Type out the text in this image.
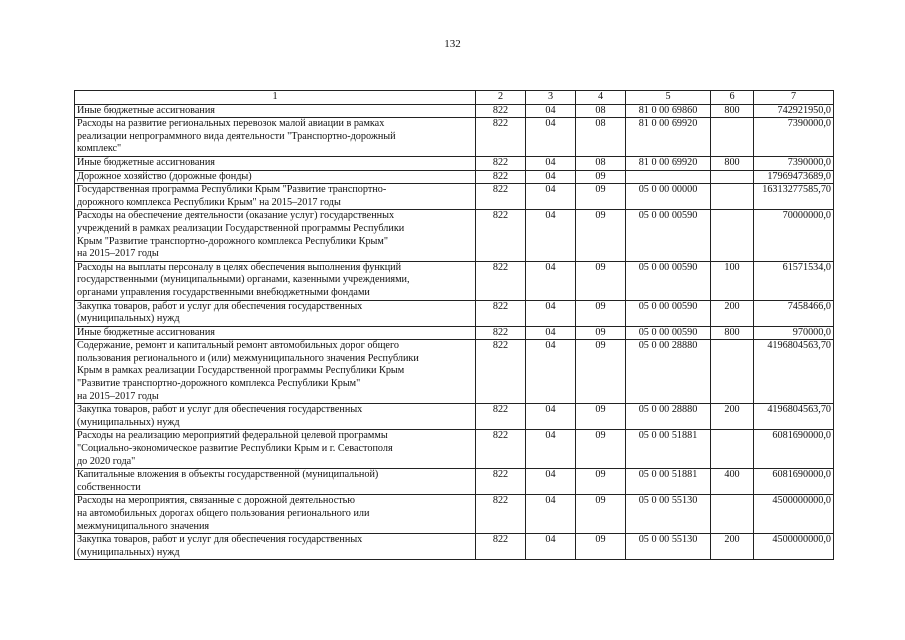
132
1	2	3	4	5	6	7

Иные бюджетные ассигнования	822	04	08	81 0 00 69860	800	742921950,0

Расходы на развитие региональных перевозок малой авиации в рамках
реализации непрограммного вида деятельности "Транспортно-дорожный
комплекс"	822	04	08	81 0 00 69920		7390000,0

Иные бюджетные ассигнования	822	04	08	81 0 00 69920	800	7390000,0

Дорожное хозяйство (дорожные фонды)	822	04	09			17969473689,0

Государственная программа Республики Крым "Развитие транспортно-
дорожного комплекса Республики Крым" на 2015–2017 годы	822	04	09	05 0 00 00000		16313277585,70

Расходы на обеспечение деятельности (оказание услуг) государственных
учреждений в рамках реализации Государственной программы Республики
Крым "Развитие транспортно-дорожного комплекса Республики Крым"
на 2015–2017 годы	822	04	09	05 0 00 00590		70000000,0

Расходы на выплаты персоналу в целях обеспечения выполнения функций
государственными (муниципальными) органами, казенными учреждениями,
органами управления государственными внебюджетными фондами	822	04	09	05 0 00 00590	100	61571534,0

Закупка товаров, работ и услуг для обеспечения государственных
(муниципальных) нужд	822	04	09	05 0 00 00590	200	7458466,0

Иные бюджетные ассигнования	822	04	09	05 0 00 00590	800	970000,0

Содержание, ремонт и капитальный ремонт автомобильных дорог общего
пользования регионального и (или) межмуниципального значения Республики
Крым в рамках реализации Государственной программы Республики Крым
"Развитие транспортно-дорожного комплекса Республики Крым"
на 2015–2017 годы	822	04	09	05 0 00 28880		4196804563,70

Закупка товаров, работ и услуг для обеспечения государственных
(муниципальных) нужд	822	04	09	05 0 00 28880	200	4196804563,70

Расходы на реализацию мероприятий федеральной целевой программы
"Социально-экономическое развитие Республики Крым и г. Севастополя
до 2020 года"	822	04	09	05 0 00 51881		6081690000,0

Капитальные вложения в объекты государственной (муниципальной)
собственности	822	04	09	05 0 00 51881	400	6081690000,0

Расходы на мероприятия, связанные с дорожной деятельностью
на автомобильных дорогах общего пользования регионального или
межмуниципального значения	822	04	09	05 0 00 55130		4500000000,0

Закупка товаров, работ и услуг для обеспечения государственных
(муниципальных) нужд	822	04	09	05 0 00 55130	200	4500000000,0
